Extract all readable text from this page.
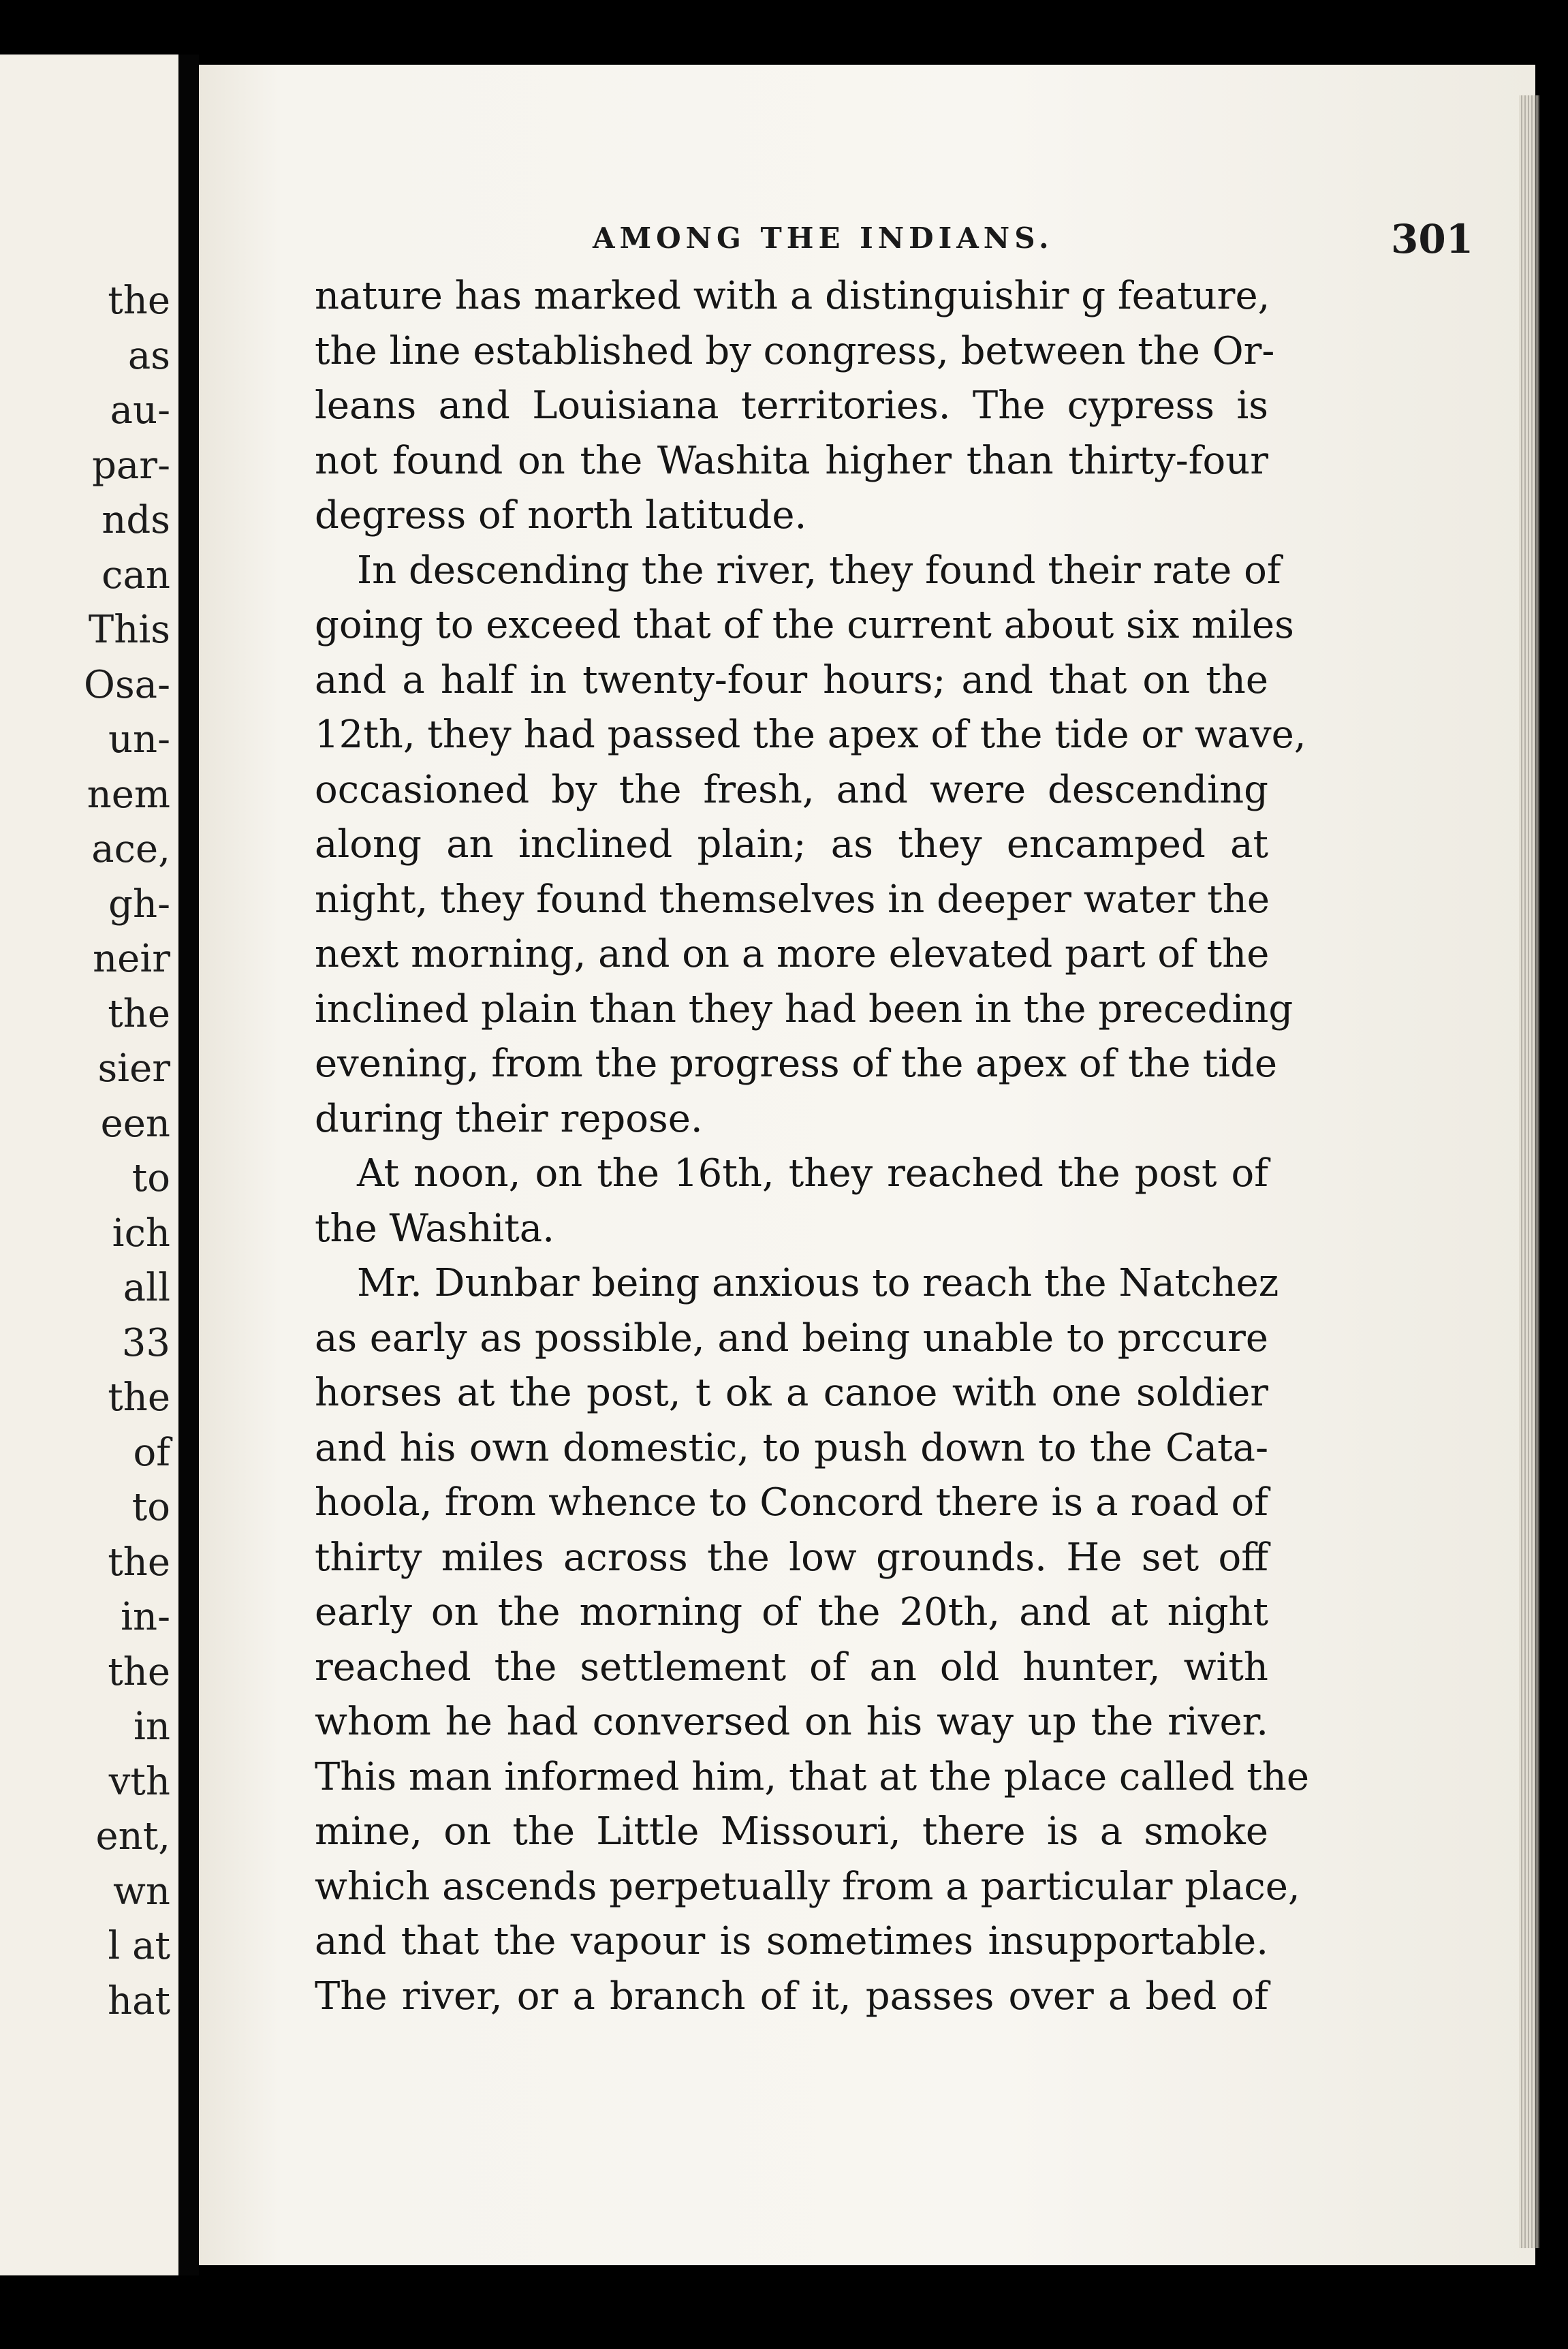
the
as
au-
par-
nds
can
This
Osa-
un-
nem
ace,
gh-
neir
the
sier
een
to
ich
all
33
the
of
to
the
in-
the
in
vth
ent,
wn
l at
hat
AMONG THE INDIANS.	301
nature has marked with a distinguishir g feature,
the line established by congress, between the Or-
leans and Louisiana territories. The cypress is
not found on the Washita higher than thirty-four
degress of north latitude.
In descending the river, they found their rate of
going to exceed that of the current about six miles
and a half in twenty-four hours; and that on the
12th, they had passed the apex of the tide or wave,
occasioned by the fresh, and were descending
along an inclined plain; as they encamped at
night, they found themselves in deeper water the
next morning, and on a more elevated part of the
inclined plain than they had been in the preceding
evening, from the progress of the apex of the tide
during their repose.
At noon, on the 16th, they reached the post of
the Washita.
Mr. Dunbar being anxious to reach the Natchez
as early as possible, and being unable to prccure
horses at the post, t ok a canoe with one soldier
and his own domestic, to push down to the Cata-
hoola, from whence to Concord there is a road of
thirty miles across the low grounds. He set off
early on the morning of the 20th, and at night
reached the settlement of an old hunter, with
whom he had conversed on his way up the river.
This man informed him, that at the place called the
mine, on the Little Missouri, there is a smoke
which ascends perpetually from a particular place,
and that the vapour is sometimes insupportable.
The river, or a branch of it, passes over a bed of
